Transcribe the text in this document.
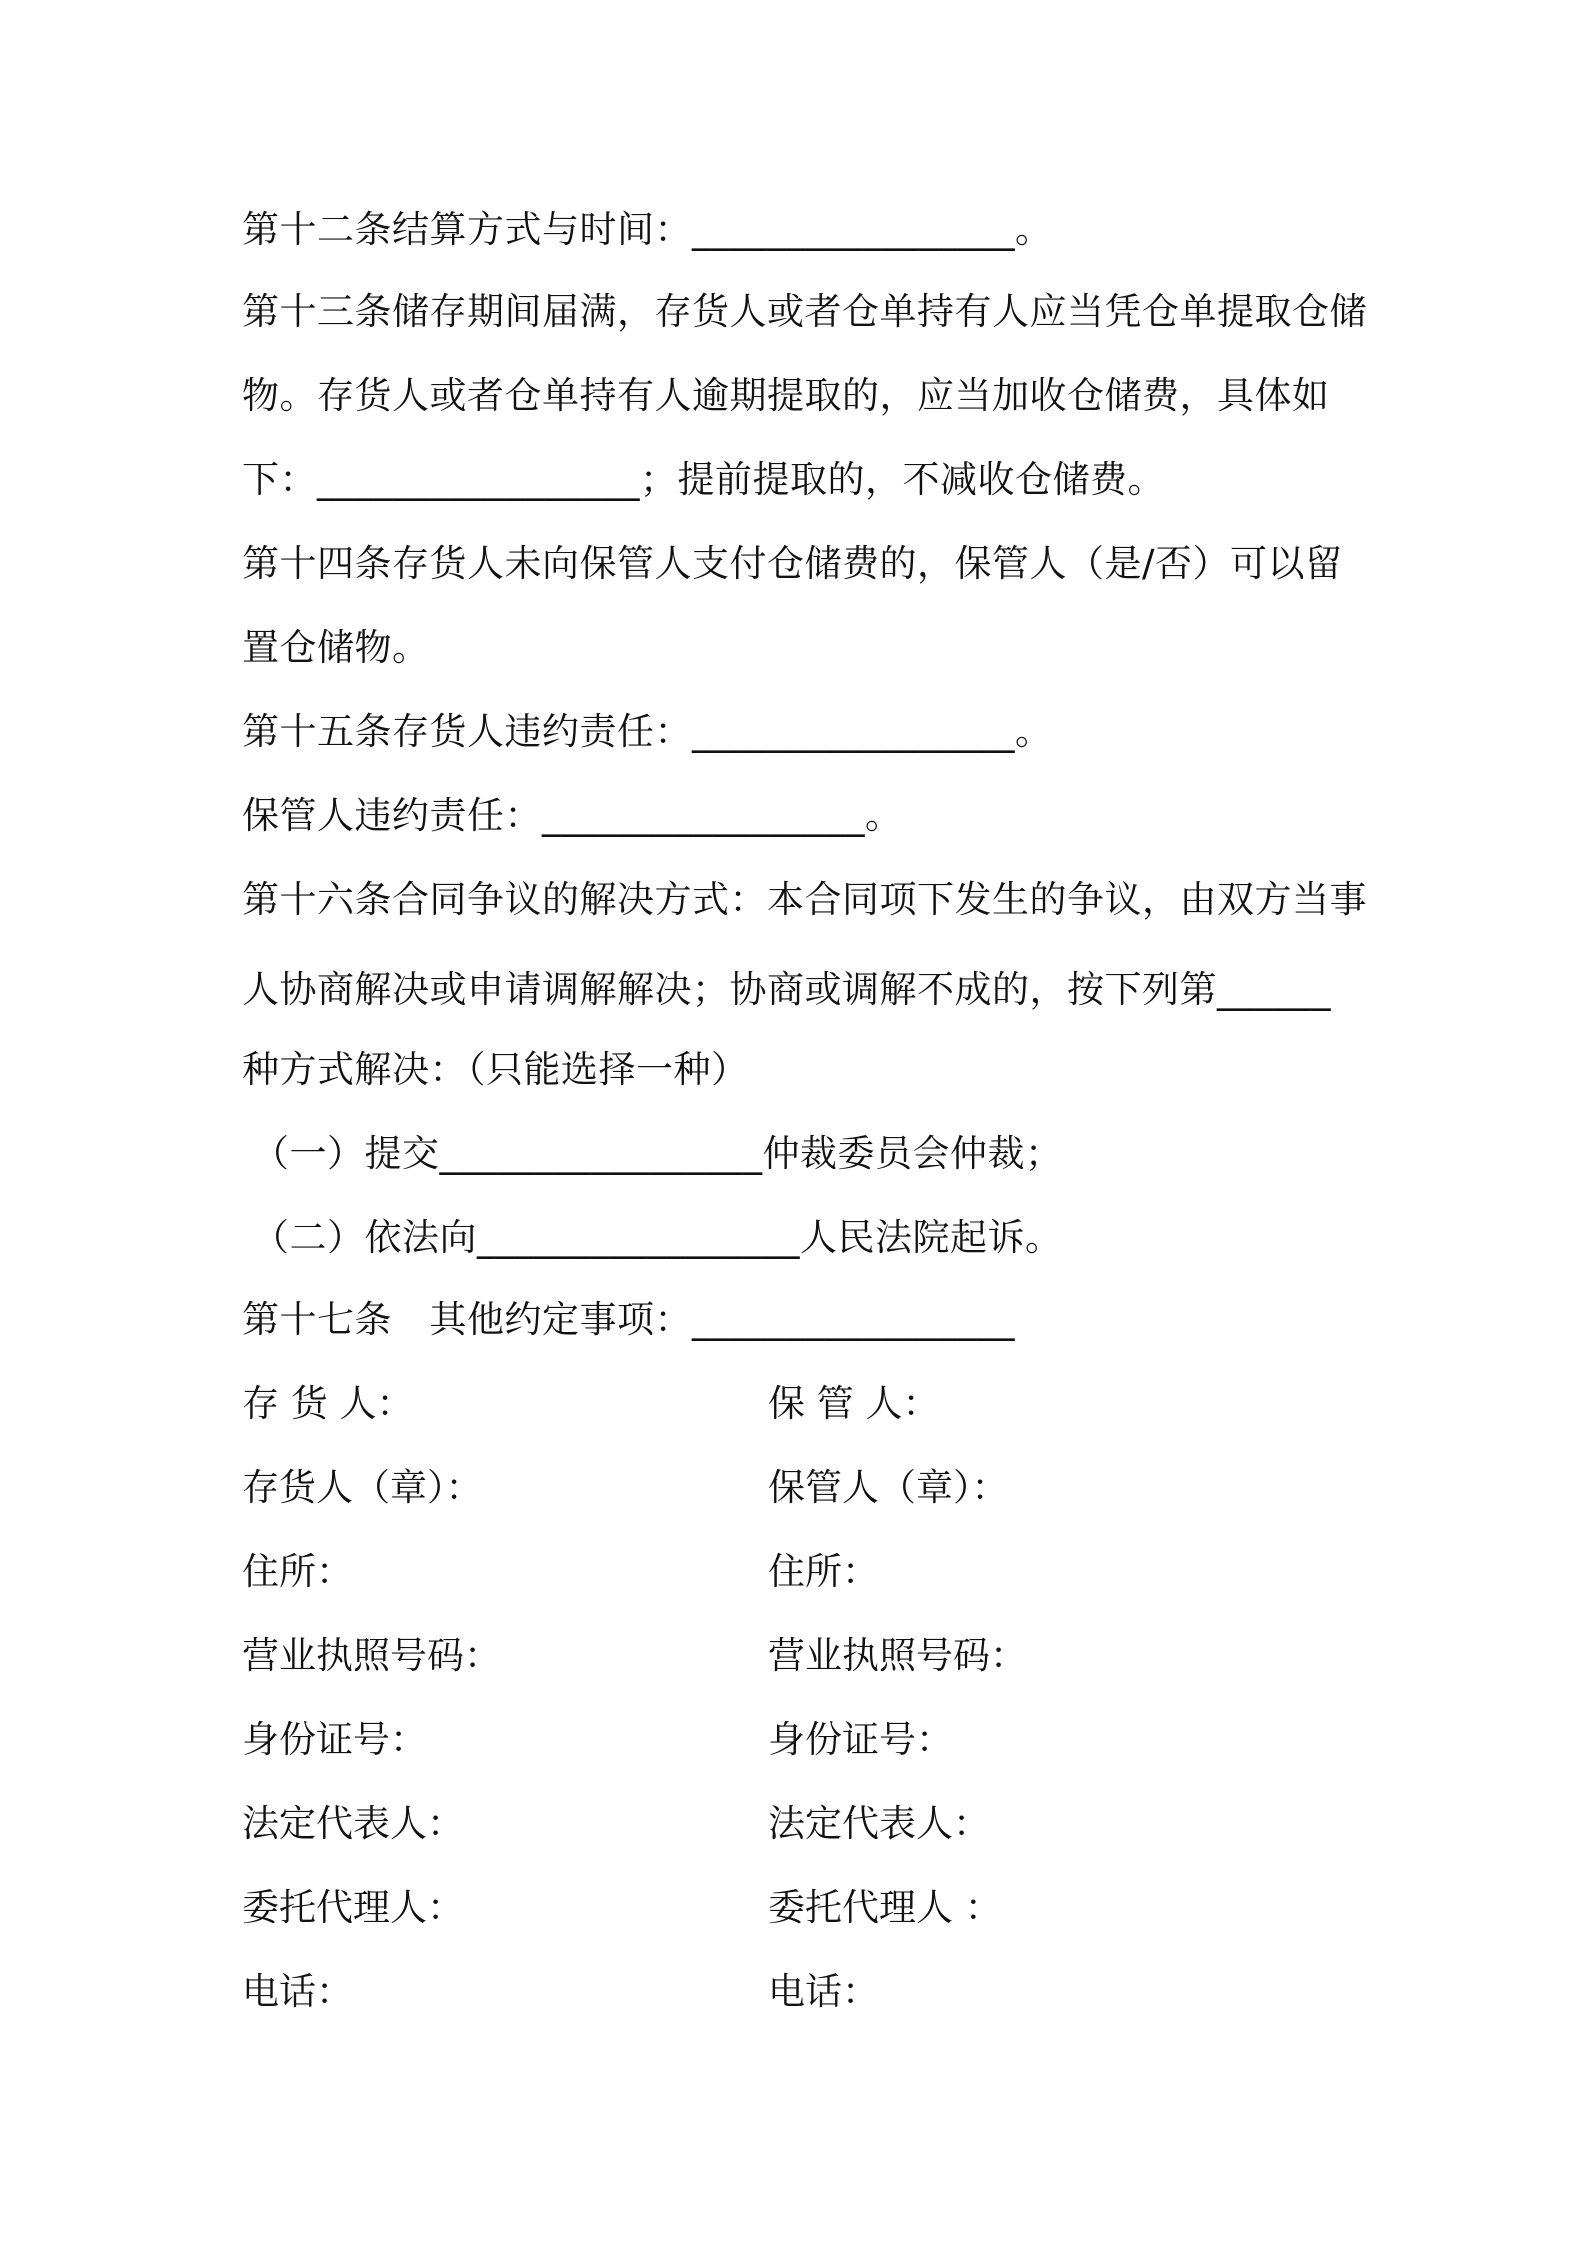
第十二条结算方式与时间：_________________。
第十三条储存期间届满，存货人或者仓单持有人应当凭仓单提取仓储
物。存货人或者仓单持有人逾期提取的，应当加收仓储费，具体如
下：_________________；提前提取的，不减收仓储费。
第十四条存货人未向保管人支付仓储费的，保管人（是/否）可以留
置仓储物。
第十五条存货人违约责任：_________________。
保管人违约责任：_________________。
第十六条合同争议的解决方式：本合同项下发生的争议，由双方当事
人协商解决或申请调解解决；协商或调解不成的，按下列第______
种方式解决：（只能选择一种）
（一）提交_________________仲裁委员会仲裁；
（二）依法向_________________人民法院起诉。
第十七条　其他约定事项：_________________
存 货 人：	保 管 人：
存货人（章）：	保管人（章）：
住所：	住所：
营业执照号码：	营业执照号码：
身份证号：	身份证号：
法定代表人：	法定代表人：
委托代理人：	委托代理人 ：
电话：	电话：
